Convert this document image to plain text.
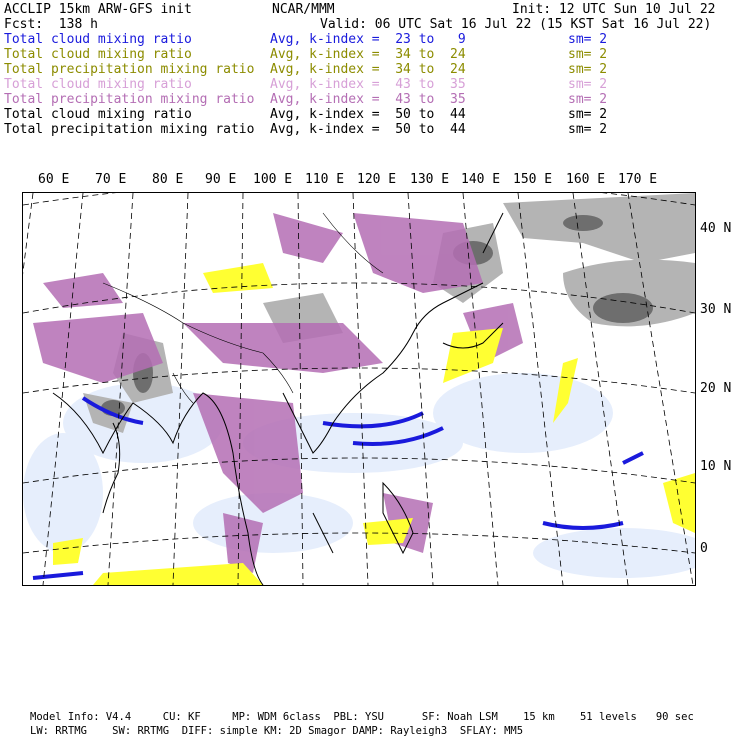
ACCLIP 15km ARW-GFS init	NCAR/MMM	Init: 12 UTC Sun 10 Jul 22
Fcst:  138 h	Valid: 06 UTC Sat 16 Jul 22 (15 KST Sat 16 Jul 22)
Total cloud mixing ratio	Avg, k-index =  23 to   9	sm= 2
Total cloud mixing ratio	Avg, k-index =  34 to  24	sm= 2
Total precipitation mixing ratio Avg, k-index =  34 to  24	sm= 2
Total cloud mixing ratio	Avg, k-index =  43 to  35	sm= 2
Total precipitation mixing ratio Avg, k-index =  43 to  35	sm= 2
Total cloud mixing ratio	Avg, k-index =  50 to  44	sm= 2
Total precipitation mixing ratio Avg, k-index =  50 to  44	sm= 2
60 E 70 E 80 E 90 E 100 E 110 E 120 E 130 E 140 E 150 E 160 E 170 E
40 N
30 N
20 N
10 N
0
Model Info: V4.4     CU: KF     MP: WDM 6class  PBL: YSU      SF: Noah LSM    15 km    51 levels   90 sec
LW: RRTMG    SW: RRTMG  DIFF: simple KM: 2D Smagor DAMP: Rayleigh3  SFLAY: MM5
